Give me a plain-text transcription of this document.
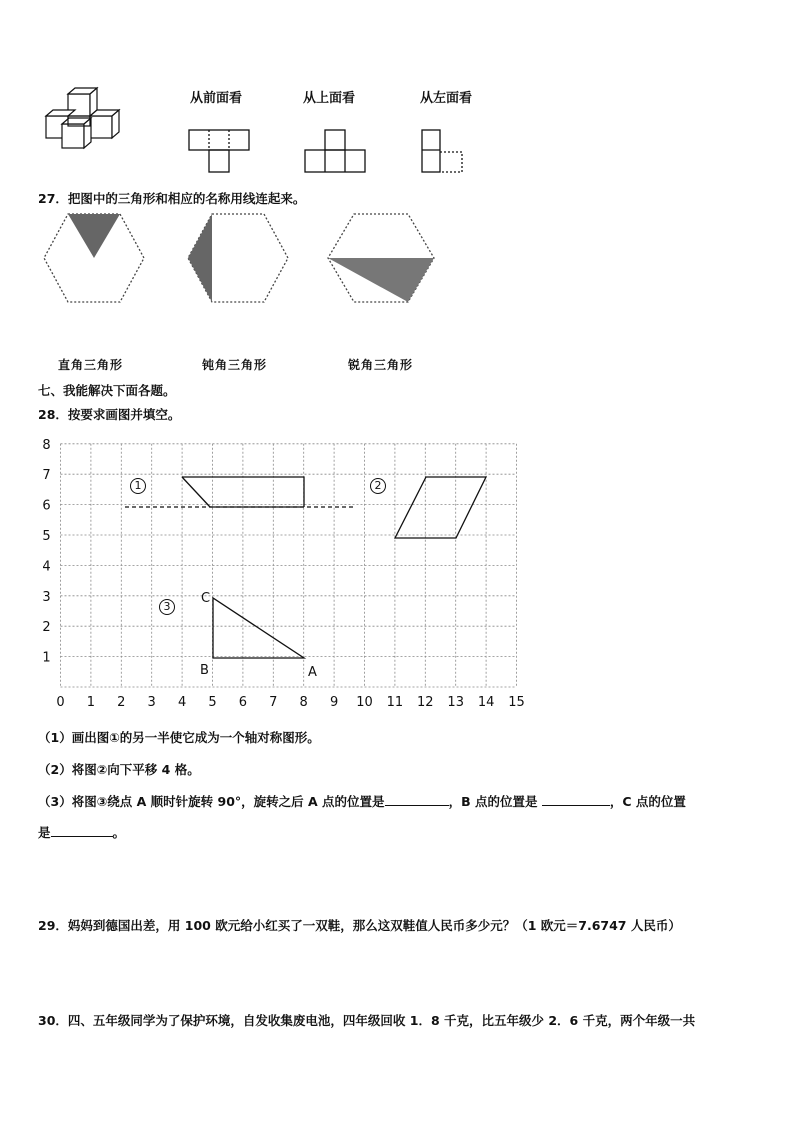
从前面看	从上面看	从左面看
27．把图中的三角形和相应的名称用线连起来。
直角三角形	钝角三角形	锐角三角形
七、我能解决下面各题。
28．按要求画图并填空。
0 1 2 3 4 5 6 7 8 9 10 11 12 13 14 15
1
2
3
4
5
6
7
8
C
B	A
1	2
3
（1）画出图①的另一半使它成为一个轴对称图形。
（2）将图②向下平移 4 格。
（3）将图③绕点 A 顺时针旋转 90°，旋转之后 A 点的位置是	，B 点的位置是	，C 点的位置
是	。
29．妈妈到德国出差，用 100 欧元给小红买了一双鞋，那么这双鞋值人民币多少元？（1 欧元＝7.6747 人民币）
30．四、五年级同学为了保护环境，自发收集废电池，四年级回收 1．8 千克，比五年级少 2．6 千克，两个年级一共
